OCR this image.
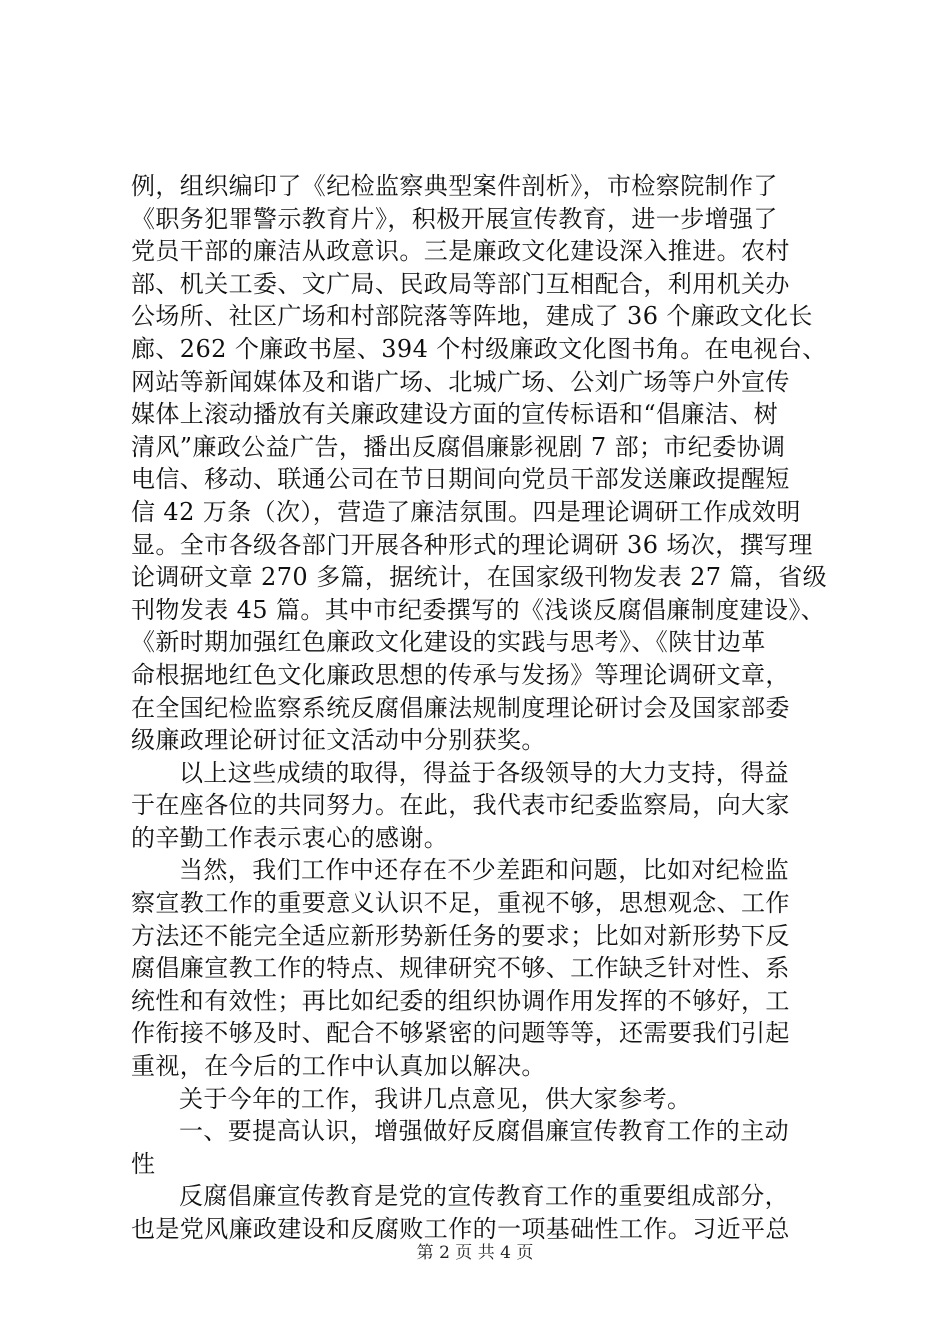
例，组织编印了《纪检监察典型案件剖析》，市检察院制作了
《职务犯罪警示教育片》，积极开展宣传教育，进一步增强了
党员干部的廉洁从政意识。三是廉政文化建设深入推进。农村
部、机关工委、文广局、民政局等部门互相配合，利用机关办
公场所、社区广场和村部院落等阵地，建成了 36 个廉政文化长
廊、262 个廉政书屋、394 个村级廉政文化图书角。在电视台、
网站等新闻媒体及和谐广场、北城广场、公刘广场等户外宣传
媒体上滚动播放有关廉政建设方面的宣传标语和“倡廉洁、树
清风”廉政公益广告，播出反腐倡廉影视剧 7 部；市纪委协调
电信、移动、联通公司在节日期间向党员干部发送廉政提醒短
信 42 万条（次），营造了廉洁氛围。四是理论调研工作成效明
显。全市各级各部门开展各种形式的理论调研 36 场次，撰写理
论调研文章 270 多篇，据统计，在国家级刊物发表 27 篇，省级
刊物发表 45 篇。其中市纪委撰写的《浅谈反腐倡廉制度建设》、
《新时期加强红色廉政文化建设的实践与思考》、《陕甘边革
命根据地红色文化廉政思想的传承与发扬》等理论调研文章，
在全国纪检监察系统反腐倡廉法规制度理论研讨会及国家部委
级廉政理论研讨征文活动中分别获奖。
以上这些成绩的取得，得益于各级领导的大力支持，得益
于在座各位的共同努力。在此，我代表市纪委监察局，向大家
的辛勤工作表示衷心的感谢。
当然，我们工作中还存在不少差距和问题，比如对纪检监
察宣教工作的重要意义认识不足，重视不够，思想观念、工作
方法还不能完全适应新形势新任务的要求；比如对新形势下反
腐倡廉宣教工作的特点、规律研究不够、工作缺乏针对性、系
统性和有效性；再比如纪委的组织协调作用发挥的不够好，工
作衔接不够及时、配合不够紧密的问题等等，还需要我们引起
重视，在今后的工作中认真加以解决。
关于今年的工作，我讲几点意见，供大家参考。
一、要提高认识，增强做好反腐倡廉宣传教育工作的主动
性
反腐倡廉宣传教育是党的宣传教育工作的重要组成部分，
也是党风廉政建设和反腐败工作的一项基础性工作。习近平总
第 2 页 共 4 页
